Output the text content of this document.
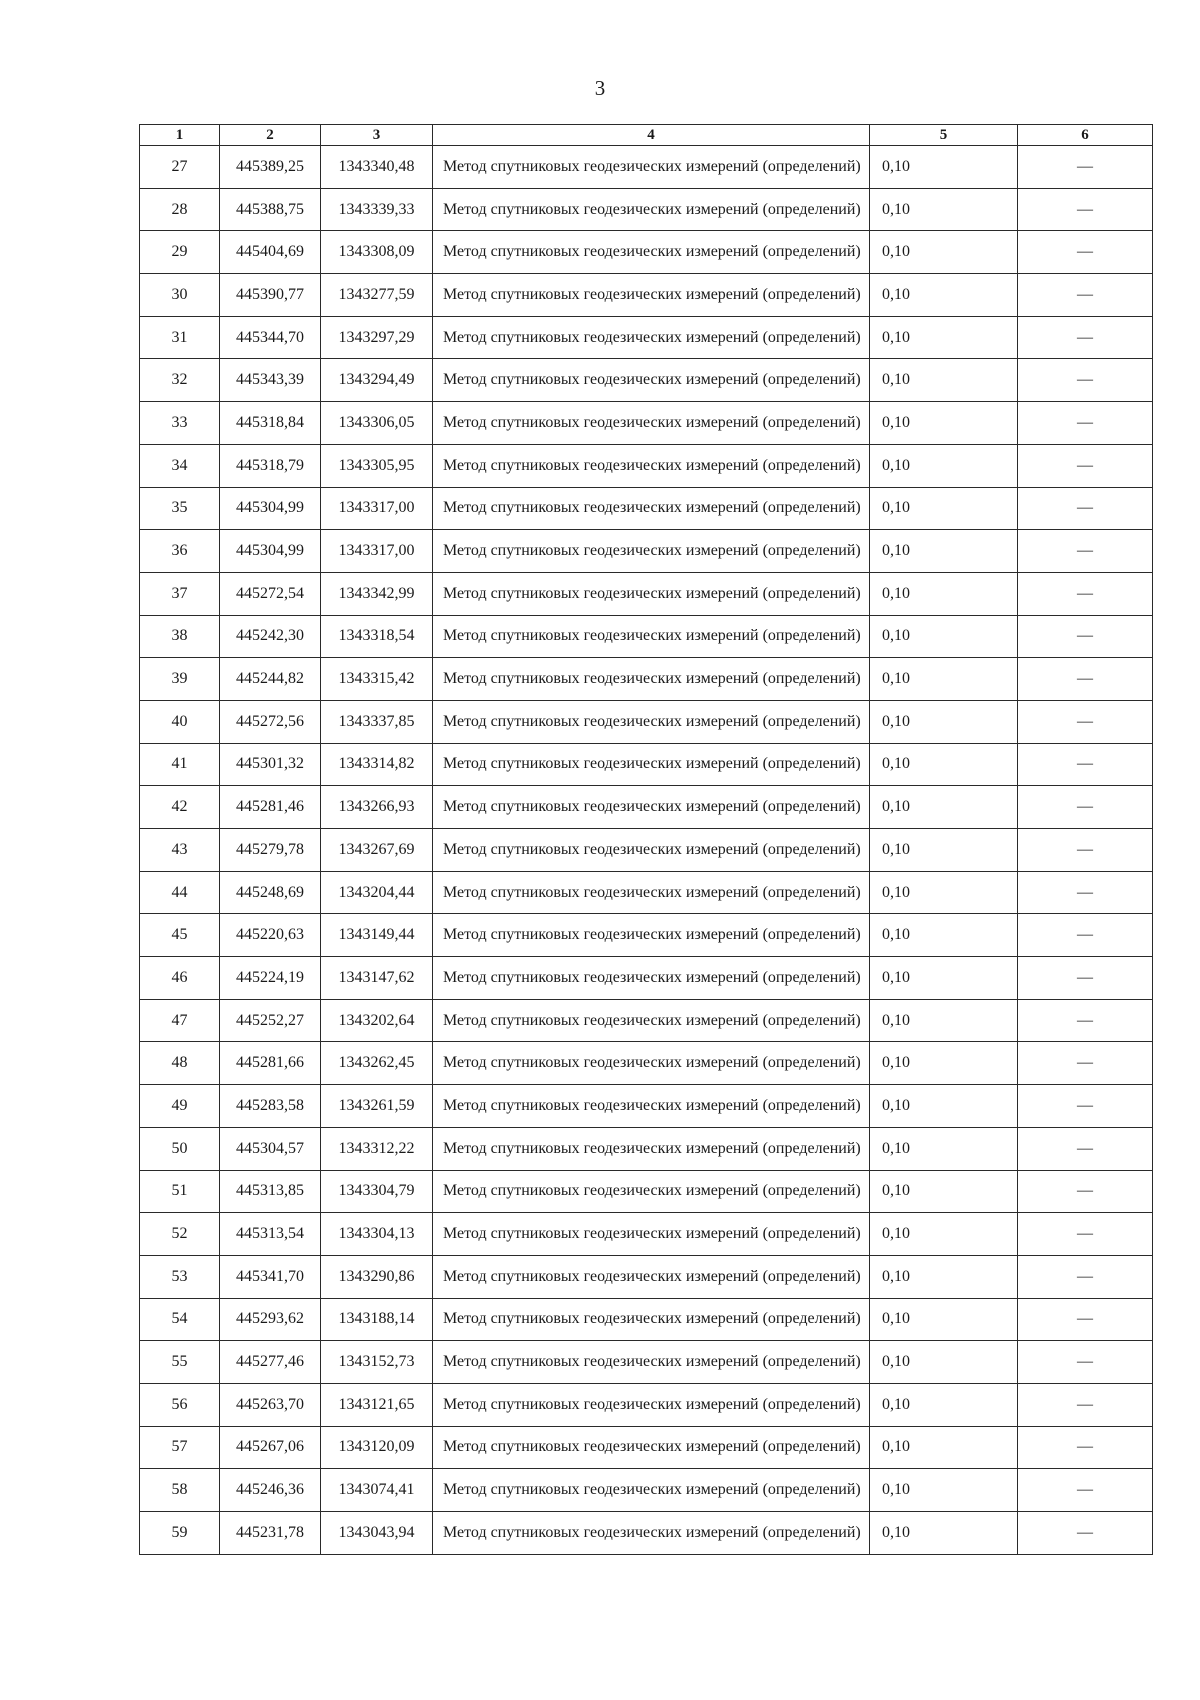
3
1	2	3	4	5	6
27	445389,25	1343340,48	Метод спутниковых геодезических измерений (определений)	0,10	—
28	445388,75	1343339,33	Метод спутниковых геодезических измерений (определений)	0,10	—
29	445404,69	1343308,09	Метод спутниковых геодезических измерений (определений)	0,10	—
30	445390,77	1343277,59	Метод спутниковых геодезических измерений (определений)	0,10	—
31	445344,70	1343297,29	Метод спутниковых геодезических измерений (определений)	0,10	—
32	445343,39	1343294,49	Метод спутниковых геодезических измерений (определений)	0,10	—
33	445318,84	1343306,05	Метод спутниковых геодезических измерений (определений)	0,10	—
34	445318,79	1343305,95	Метод спутниковых геодезических измерений (определений)	0,10	—
35	445304,99	1343317,00	Метод спутниковых геодезических измерений (определений)	0,10	—
36	445304,99	1343317,00	Метод спутниковых геодезических измерений (определений)	0,10	—
37	445272,54	1343342,99	Метод спутниковых геодезических измерений (определений)	0,10	—
38	445242,30	1343318,54	Метод спутниковых геодезических измерений (определений)	0,10	—
39	445244,82	1343315,42	Метод спутниковых геодезических измерений (определений)	0,10	—
40	445272,56	1343337,85	Метод спутниковых геодезических измерений (определений)	0,10	—
41	445301,32	1343314,82	Метод спутниковых геодезических измерений (определений)	0,10	—
42	445281,46	1343266,93	Метод спутниковых геодезических измерений (определений)	0,10	—
43	445279,78	1343267,69	Метод спутниковых геодезических измерений (определений)	0,10	—
44	445248,69	1343204,44	Метод спутниковых геодезических измерений (определений)	0,10	—
45	445220,63	1343149,44	Метод спутниковых геодезических измерений (определений)	0,10	—
46	445224,19	1343147,62	Метод спутниковых геодезических измерений (определений)	0,10	—
47	445252,27	1343202,64	Метод спутниковых геодезических измерений (определений)	0,10	—
48	445281,66	1343262,45	Метод спутниковых геодезических измерений (определений)	0,10	—
49	445283,58	1343261,59	Метод спутниковых геодезических измерений (определений)	0,10	—
50	445304,57	1343312,22	Метод спутниковых геодезических измерений (определений)	0,10	—
51	445313,85	1343304,79	Метод спутниковых геодезических измерений (определений)	0,10	—
52	445313,54	1343304,13	Метод спутниковых геодезических измерений (определений)	0,10	—
53	445341,70	1343290,86	Метод спутниковых геодезических измерений (определений)	0,10	—
54	445293,62	1343188,14	Метод спутниковых геодезических измерений (определений)	0,10	—
55	445277,46	1343152,73	Метод спутниковых геодезических измерений (определений)	0,10	—
56	445263,70	1343121,65	Метод спутниковых геодезических измерений (определений)	0,10	—
57	445267,06	1343120,09	Метод спутниковых геодезических измерений (определений)	0,10	—
58	445246,36	1343074,41	Метод спутниковых геодезических измерений (определений)	0,10	—
59	445231,78	1343043,94	Метод спутниковых геодезических измерений (определений)	0,10	—
